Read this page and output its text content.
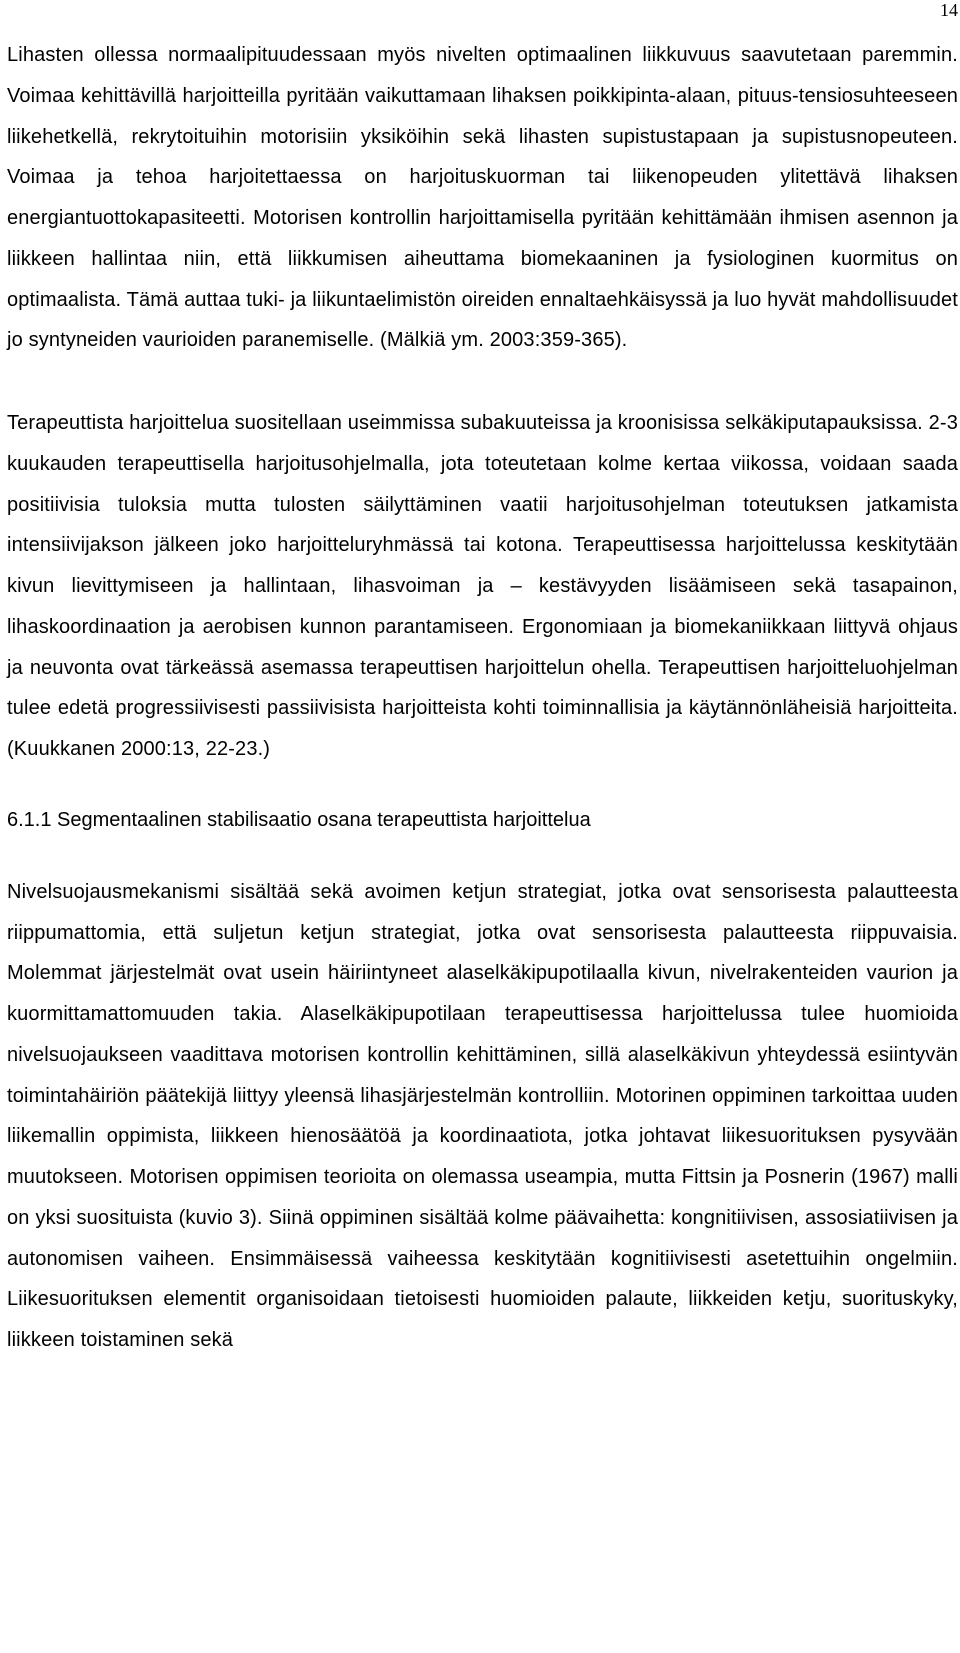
14

Lihasten ollessa normaalipituudessaan myös nivelten optimaalinen liikkuvuus saavutetaan paremmin. Voimaa kehittävillä harjoitteilla pyritään vaikuttamaan lihaksen poikkipinta-alaan, pituus-tensiosuhteeseen liikehetkellä, rekrytoituihin motorisiin yksiköihin sekä lihasten supistustapaan ja supistusnopeuteen. Voimaa ja tehoa harjoitettaessa on harjoituskuorman tai liikenopeuden ylitettävä lihaksen energiantuottokapasiteetti. Motorisen kontrollin harjoittamisella pyritään kehittämään ihmisen asennon ja liikkeen hallintaa niin, että liikkumisen aiheuttama biomekaaninen ja fysiologinen kuormitus on optimaalista. Tämä auttaa tuki- ja liikuntaelimistön oireiden ennaltaehkäisyssä ja luo hyvät mahdollisuudet jo syntyneiden vaurioiden paranemiselle. (Mälkiä ym. 2003:359-365).

Terapeuttista harjoittelua suositellaan useimmissa subakuuteissa ja kroonisissa selkäkiputapauksissa. 2-3 kuukauden terapeuttisella harjoitusohjelmalla, jota toteutetaan kolme kertaa viikossa, voidaan saada positiivisia tuloksia mutta tulosten säilyttäminen vaatii harjoitusohjelman toteutuksen jatkamista intensiivijakson jälkeen joko harjoitteluryhmässä tai kotona. Terapeuttisessa harjoittelussa keskitytään kivun lievittymiseen ja hallintaan, lihasvoiman ja – kestävyyden lisäämiseen sekä tasapainon, lihaskoordinaation ja aerobisen kunnon parantamiseen. Ergonomiaan ja biomekaniikkaan liittyvä ohjaus ja neuvonta ovat tärkeässä asemassa terapeuttisen harjoittelun ohella. Terapeuttisen harjoitteluohjelman tulee edetä progressiivisesti passiivisista harjoitteista kohti toiminnallisia ja käytännönläheisiä harjoitteita. (Kuukkanen 2000:13, 22-23.)

6.1.1 Segmentaalinen stabilisaatio osana terapeuttista harjoittelua

Nivelsuojausmekanismi sisältää sekä avoimen ketjun strategiat, jotka ovat sensorisesta palautteesta riippumattomia, että suljetun ketjun strategiat, jotka ovat sensorisesta palautteesta riippuvaisia. Molemmat järjestelmät ovat usein häiriintyneet alaselkäkipupotilaalla kivun, nivelrakenteiden vaurion ja kuormittamattomuuden takia. Alaselkäkipupotilaan terapeuttisessa harjoittelussa tulee huomioida nivelsuojaukseen vaadittava motorisen kontrollin kehittäminen, sillä alaselkäkivun yhteydessä esiintyvän toimintahäiriön päätekijä liittyy yleensä lihasjärjestelmän kontrolliin. Motorinen oppiminen tarkoittaa uuden liikemallin oppimista, liikkeen hienosäätöä ja koordinaatiota, jotka johtavat liikesuorituksen pysyvään muutokseen. Motorisen oppimisen teorioita on olemassa useampia, mutta Fittsin ja Posnerin (1967) malli on yksi suosituista (kuvio 3). Siinä oppiminen sisältää kolme päävaihetta: kongnitiivisen, assosiatiivisen ja autonomisen vaiheen. Ensimmäisessä vaiheessa keskitytään kognitiivisesti asetettuihin ongelmiin. Liikesuorituksen elementit organisoidaan tietoisesti huomioiden palaute, liikkeiden ketju, suorituskyky, liikkeen toistaminen sekä
